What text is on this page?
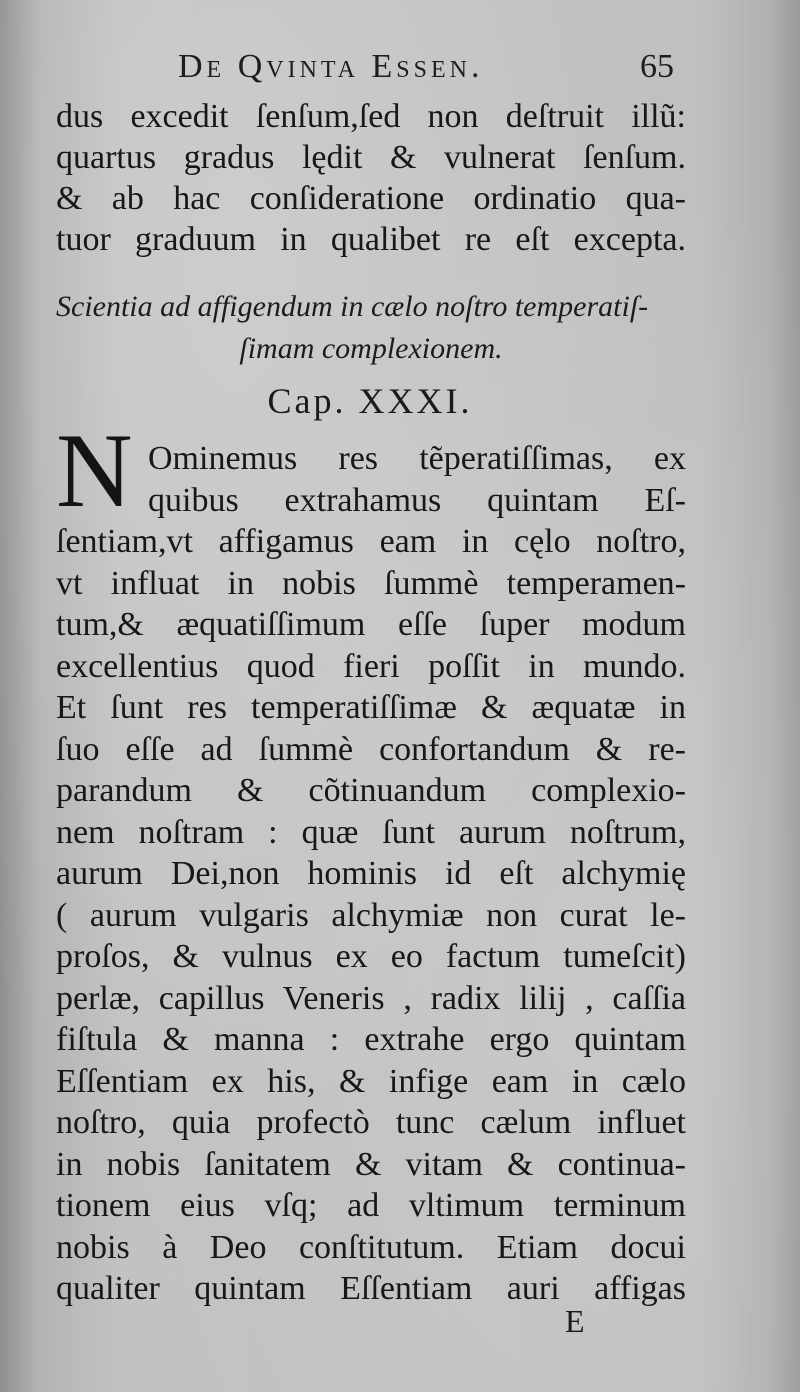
De Qvinta Essen.	65
dus excedit ſenſum,ſed non deſtruit illũ:
quartus gradus lędit & vulnerat ſenſum.
& ab hac conſideratione ordinatio qua-
tuor graduum in qualibet re eſt excepta.
Scientia ad affigendum in cælo noſtro temperatiſ-
ſimam complexionem.
Cap. XXXI.
N Ominemus res tẽperatiſſimas, ex
quibus extrahamus quintam Eſ-
ſentiam,vt affigamus eam in cęlo noſtro,
vt influat in nobis ſummè temperamen-
tum,& æquatiſſimum eſſe ſuper modum
excellentius quod fieri poſſit in mundo.
Et ſunt res temperatiſſimæ & æquatæ in
ſuo eſſe ad ſummè confortandum & re-
parandum & cõtinuandum complexio-
nem noſtram : quæ ſunt aurum noſtrum,
aurum Dei,non hominis id eſt alchymię
( aurum vulgaris alchymiæ non curat le-
proſos, & vulnus ex eo factum tumeſcit)
perlæ, capillus Veneris , radix lilij , caſſia
fiſtula & manna : extrahe ergo quintam
Eſſentiam ex his, & infige eam in cælo
noſtro, quia profectò tunc cælum influet
in nobis ſanitatem & vitam & continua-
tionem eius vſq; ad vltimum terminum
nobis à Deo conſtitutum. Etiam docui
qualiter quintam Eſſentiam auri affigas
E
